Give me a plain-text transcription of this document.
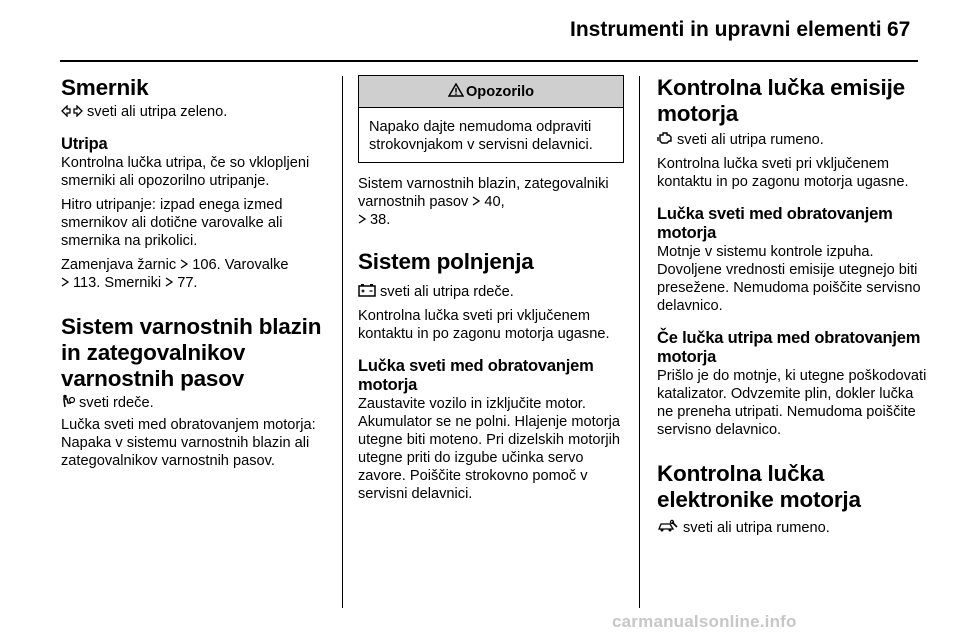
Instrumenti in upravni elementi 67
Smernik

sveti ali utripa zeleno.

Utripa

Kontrolna lučka utripa, če so vklopljeni smerniki ali opozorilno utripanje.

Hitro utripanje: izpad enega izmed smernikov ali dotične varovalke ali smernika na prikolici.

Zamenjava žarnic 106. Varovalke
113. Smerniki 77.

Sistem varnostnih blazin in zategovalnikov varnostnih pasov

sveti rdeče.

Lučka sveti med obratovanjem motorja: Napaka v sistemu varnostnih blazin ali zategovalnikov varnostnih pasov.

Opozorilo
Napako dajte nemudoma odpraviti strokovnjakom v servisni delavnici.

Sistem varnostnih blazin, zategovalniki varnostnih pasov 40,
38.

Sistem polnjenja

sveti ali utripa rdeče.

Kontrolna lučka sveti pri vključenem kontaktu in po zagonu motorja ugasne.

Lučka sveti med obratovanjem motorja

Zaustavite vozilo in izključite motor. Akumulator se ne polni. Hlajenje motorja utegne biti moteno. Pri dizelskih motorjih utegne priti do izgube učinka servo zavore. Poiščite strokovno pomoč v servisni delavnici.

Kontrolna lučka emisije motorja

sveti ali utripa rumeno.

Kontrolna lučka sveti pri vključenem kontaktu in po zagonu motorja ugasne.

Lučka sveti med obratovanjem motorja

Motnje v sistemu kontrole izpuha. Dovoljene vrednosti emisije utegnejo biti presežene. Nemudoma poiščite servisno delavnico.

Če lučka utripa med obratovanjem motorja

Prišlo je do motnje, ki utegne poškodovati katalizator. Odvzemite plin, dokler lučka ne preneha utripati. Nemudoma poiščite servisno delavnico.

Kontrolna lučka elektronike motorja

sveti ali utripa rumeno.

carmanualsonline.info
